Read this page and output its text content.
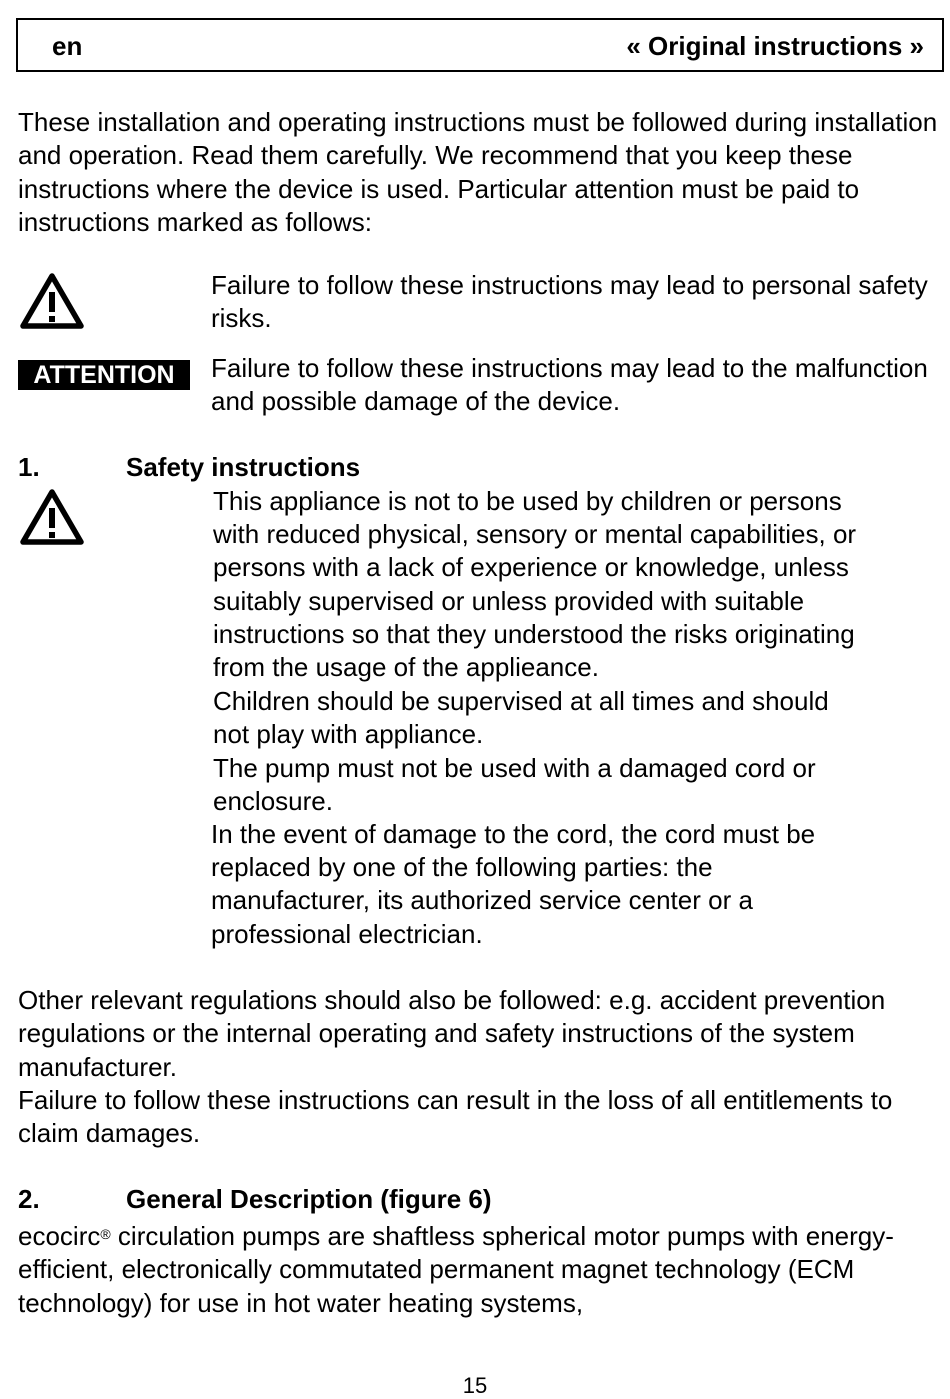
en	« Original instructions »

These installation and operating instructions must be followed during installation and operation. Read them carefully. We recommend that you keep these instructions where the device is used. Particular attention must be paid to instructions marked as follows:

Failure to follow these instructions may lead to personal safety risks.

ATTENTION	Failure to follow these instructions may lead to the malfunction and possible damage of the device.

1.	Safety instructions

This appliance is not to be used by children or persons

with reduced physical, sensory or mental capabilities, or

persons with a lack of experience or knowledge, unless

suitably supervised or unless provided with suitable

instructions so that they understood the risks originating

from the usage of the applieance.

Children should be supervised at all times and should

not play with appliance.

The pump must not be used with a damaged cord or

enclosure.

In the event of damage to the cord, the cord must be

replaced by one of the following parties: the

manufacturer, its authorized service center or a

professional electrician.

Other relevant regulations should also be followed: e.g. accident prevention regulations or the internal operating and safety instructions of the system manufacturer.

Failure to follow these instructions can result in the loss of all entitlements to claim damages.

2.	General Description (figure 6)

ecocirc® circulation pumps are shaftless spherical motor pumps with energy-efficient, electronically commutated permanent magnet technology (ECM technology) for use in hot water heating systems,

15
